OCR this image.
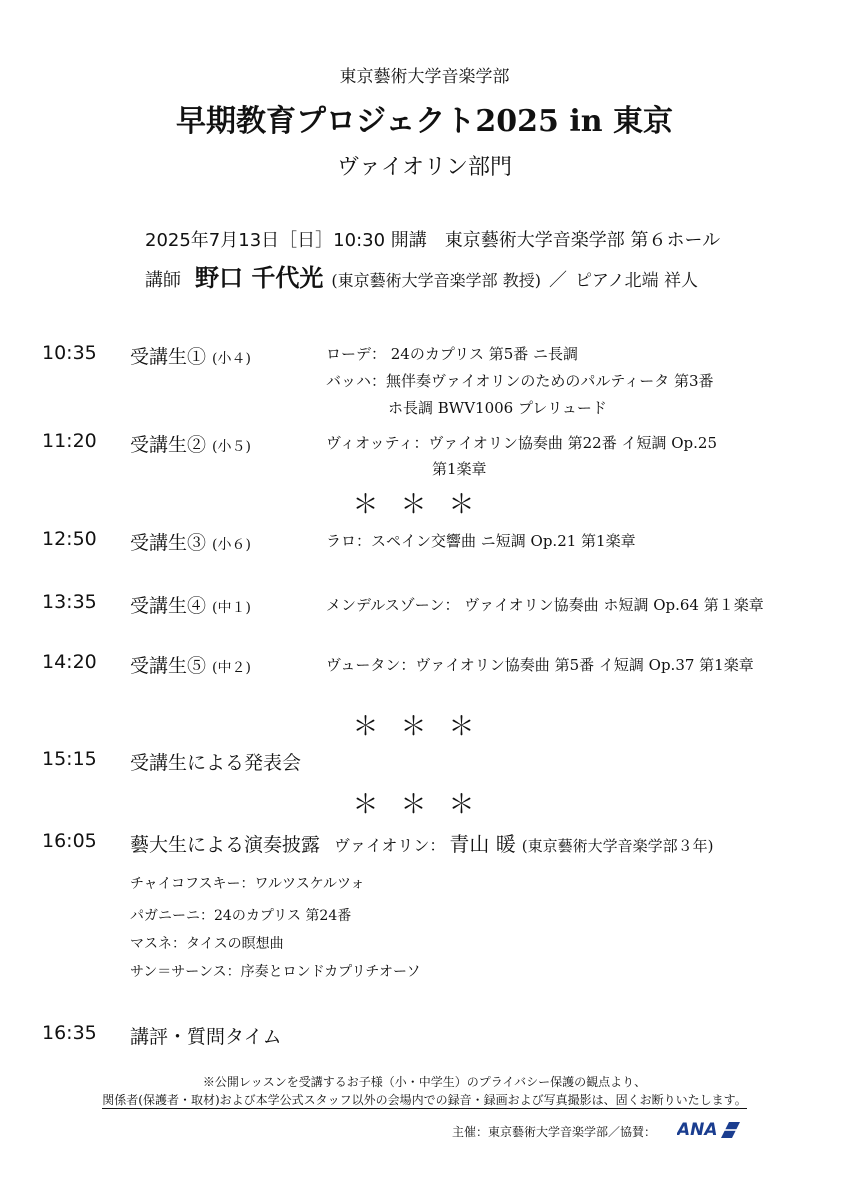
東京藝術大学音楽学部
早期教育プロジェクト2025 in 東京
ヴァイオリン部門
2025年7月13日［日］10:30 開講　東京藝術大学音楽学部 第６ホール
講師 野口 千代光 (東京藝術大学音楽学部 教授) ／ ピアノ北端 祥人
10:35 受講生① (小４)	ローデ： 24のカプリス 第5番 ニ長調
バッハ：無伴奏ヴァイオリンのためのパルティータ 第3番
ホ長調 BWV1006 プレリュード
11:20 受講生② (小５)	ヴィオッティ：ヴァイオリン協奏曲 第22番 イ短調 Op.25
第1楽章
＊＊＊
12:50 受講生③ (小６)	ラロ：スペイン交響曲 ニ短調 Op.21 第1楽章
13:35 受講生④ (中１)	メンデルスゾーン： ヴァイオリン協奏曲 ホ短調 Op.64 第１楽章
14:20 受講生⑤ (中２)	ヴュータン：ヴァイオリン協奏曲 第5番 イ短調 Op.37 第1楽章
＊＊＊
15:15 受講生による発表会
＊＊＊
16:05 藝大生による演奏披露 ヴァイオリン： 青山 暖 (東京藝術大学音楽学部３年)
チャイコフスキー：ワルツスケルツォ
パガニーニ：24のカプリス 第24番
マスネ：タイスの瞑想曲
サン＝サーンス：序奏とロンドカプリチオーソ
16:35 講評・質問タイム
※公開レッスンを受講するお子様（小・中学生）のプライバシー保護の観点より、
関係者(保護者・取材)および本学公式スタッフ以外の会場内での録音・録画および写真撮影は、固くお断りいたします。
主催：東京藝術大学音楽学部／協賛： ANA
